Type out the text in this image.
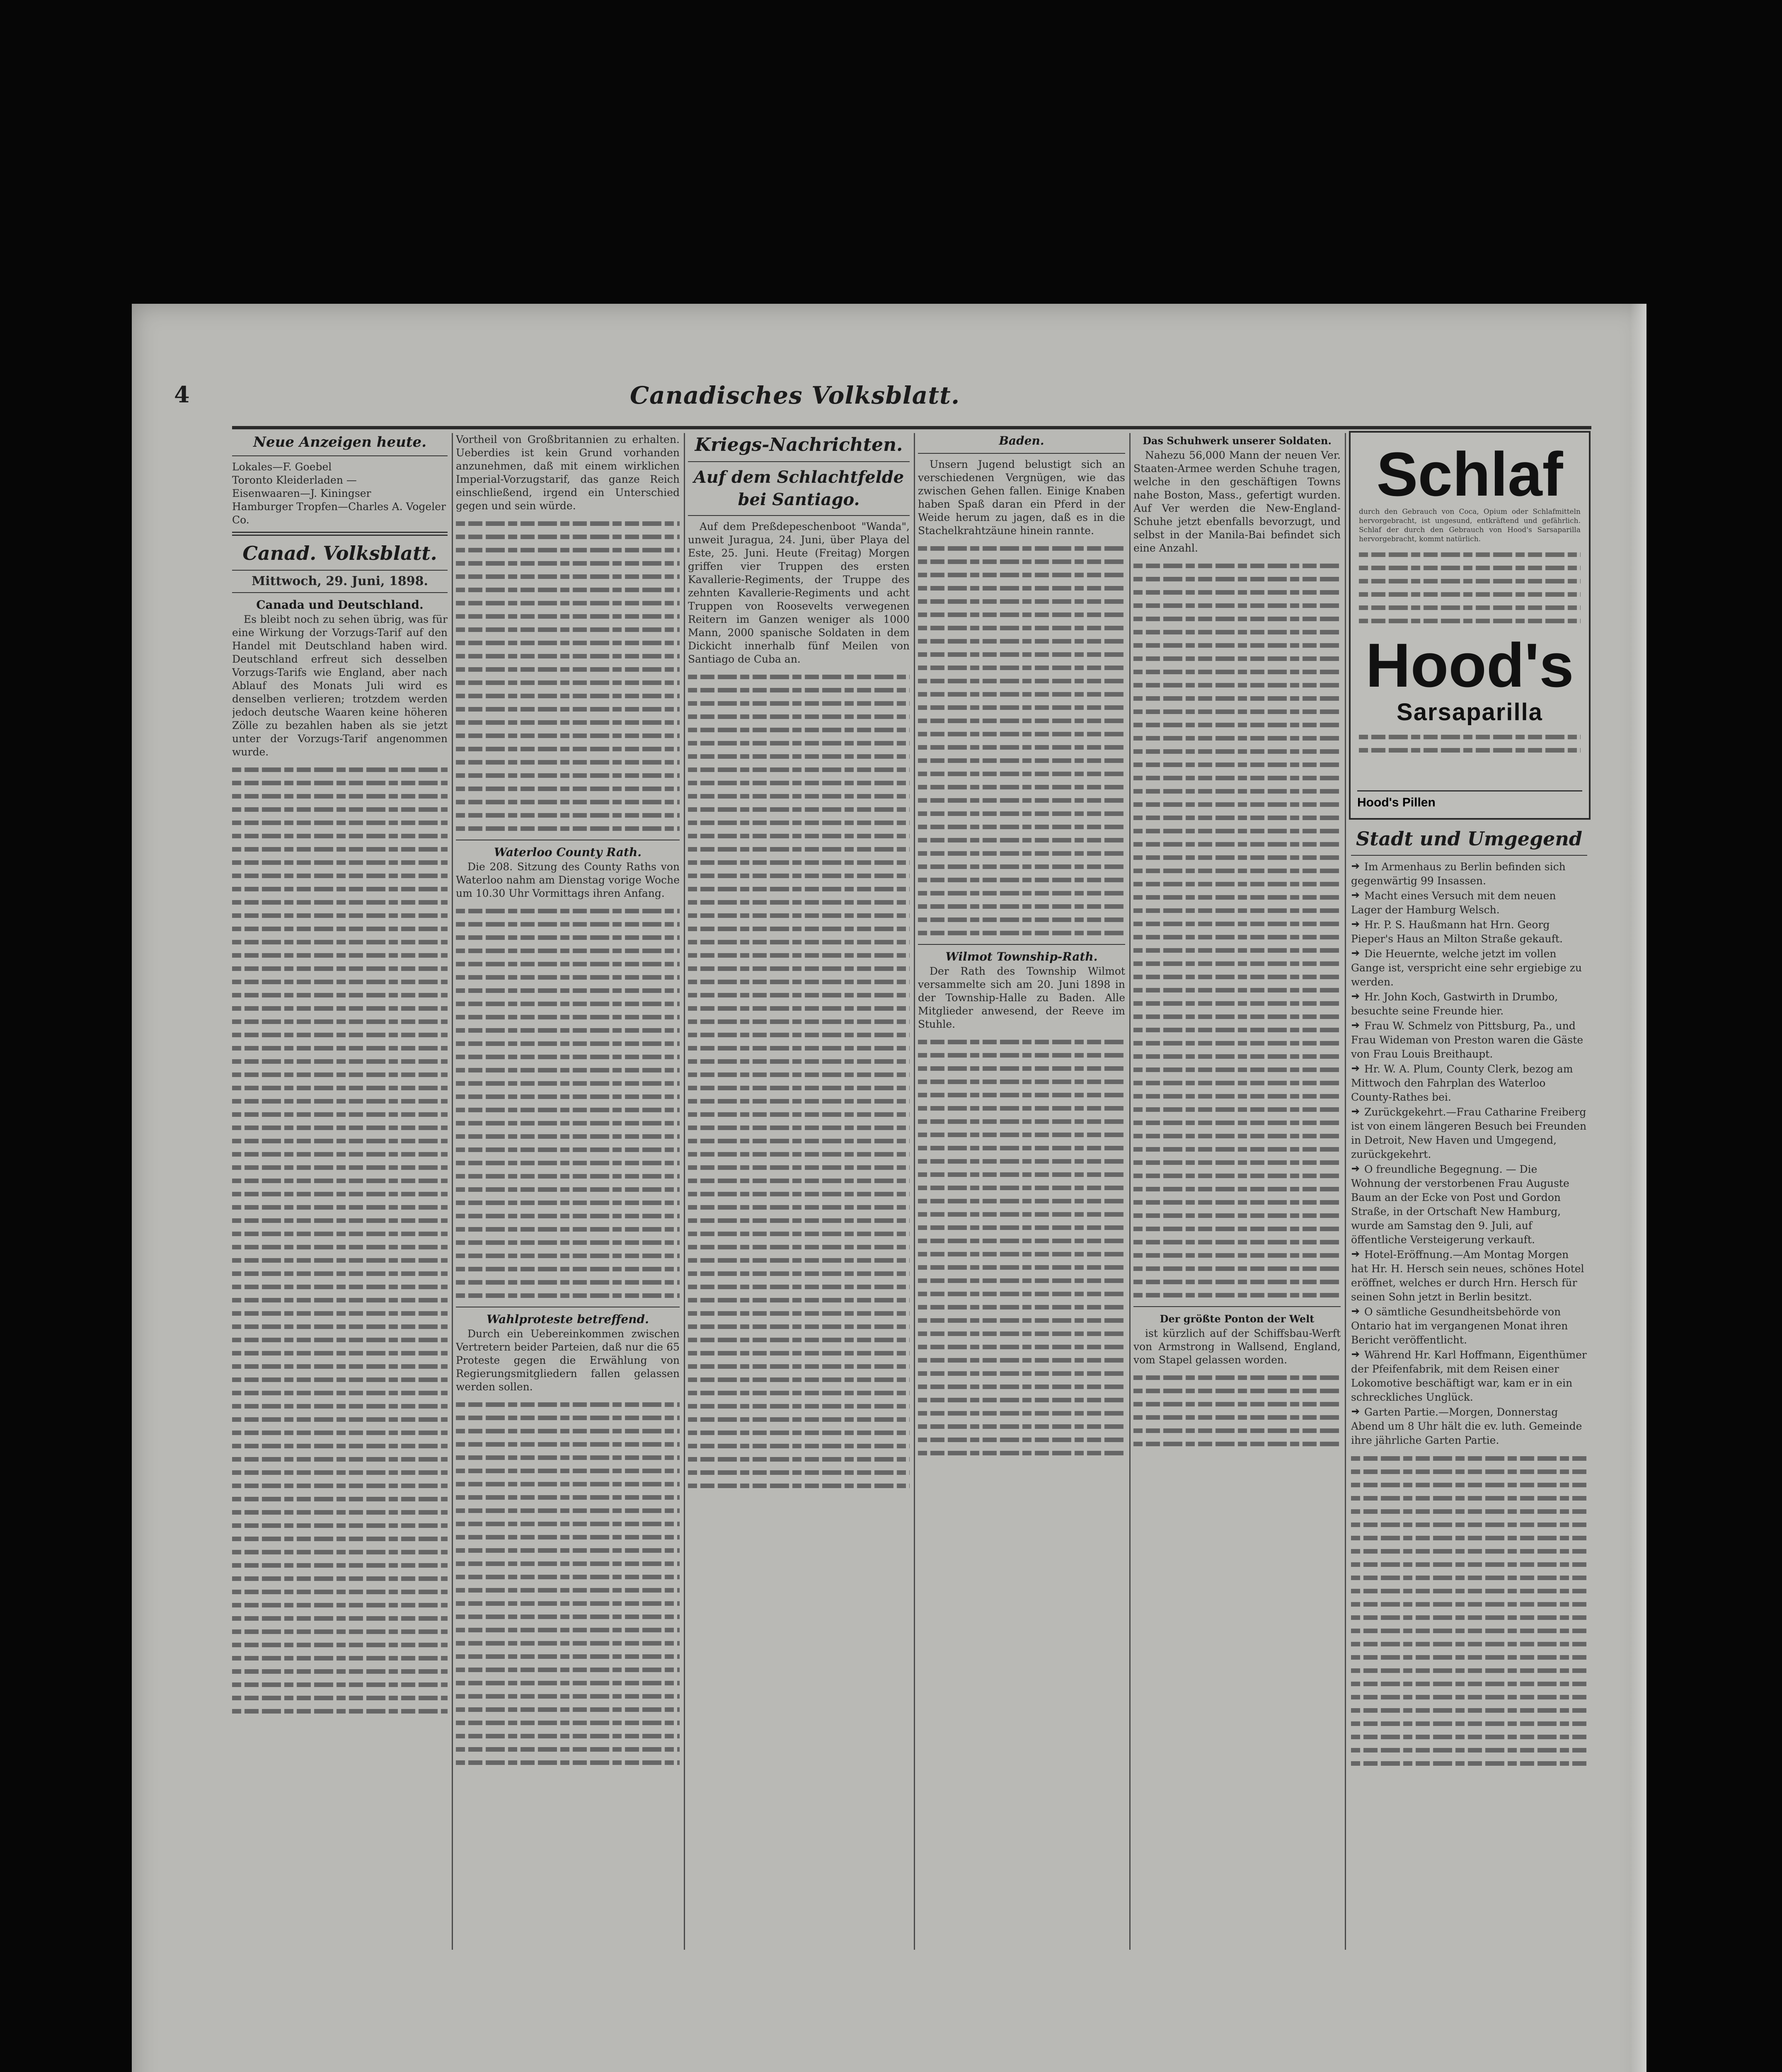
4	Canadisches Volksblatt.
Neue Anzeigen heute.
Lokales—F. Goebel
Toronto Kleiderladen —
Eisenwaaren—J. Kiningser
Hamburger Tropfen—Charles A. Vogeler Co.
Canad. Volksblatt.
Mittwoch, 29. Juni, 1898.
Canada und Deutschland.

Es bleibt noch zu sehen übrig, was für eine Wirkung der Vorzugs-Tarif auf den Handel mit Deutschland haben wird. Deutschland erfreut sich desselben Vorzugs-Tarifs wie England, aber nach Ablauf des Monats Juli wird es denselben verlieren; trotzdem werden jedoch deutsche Waaren keine höheren Zölle zu bezahlen haben als sie jetzt unter der Vorzugs-Tarif angenommen wurde.

Vortheil von Großbritannien zu erhalten. Ueberdies ist kein Grund vorhanden anzunehmen, daß mit einem wirklichen Imperial-Vorzugstarif, das ganze Reich einschließend, irgend ein Unterschied gegen und sein würde.

Waterloo County Rath.

Die 208. Sitzung des County Raths von Waterloo nahm am Dienstag vorige Woche um 10.30 Uhr Vormittags ihren Anfang.

Wahlproteste betreffend.

Durch ein Uebereinkommen zwischen Vertretern beider Parteien, daß nur die 65 Proteste gegen die Erwählung von Regierungsmitgliedern fallen gelassen werden sollen.

Kriegs-Nachrichten.
Auf dem Schlachtfelde bei Santiago.

Auf dem Preßdepeschenboot "Wanda", unweit Juragua, 24. Juni, über Playa del Este, 25. Juni. Heute (Freitag) Morgen griffen vier Truppen des ersten Kavallerie-Regiments, der Truppe des zehnten Kavallerie-Regiments und acht Truppen von Roosevelts verwegenen Reitern im Ganzen weniger als 1000 Mann, 2000 spanische Soldaten in dem Dickicht innerhalb fünf Meilen von Santiago de Cuba an.

Baden.

Unsern Jugend belustigt sich an verschiedenen Vergnügen, wie das zwischen Gehen fallen. Einige Knaben haben Spaß daran ein Pferd in der Weide herum zu jagen, daß es in die Stachelkrahtzäune hinein rannte.

Wilmot Township-Rath.

Der Rath des Township Wilmot versammelte sich am 20. Juni 1898 in der Township-Halle zu Baden. Alle Mitglieder anwesend, der Reeve im Stuhle.

Das Schuhwerk unserer Soldaten.

Nahezu 56,000 Mann der neuen Ver. Staaten-Armee werden Schuhe tragen, welche in den geschäftigen Towns nahe Boston, Mass., gefertigt wurden. Auf Ver werden die New-England-Schuhe jetzt ebenfalls bevorzugt, und selbst in der Manila-Bai befindet sich eine Anzahl.

Der größte Ponton der Welt

ist kürzlich auf der Schiffsbau-Werft von Armstrong in Wallsend, England, vom Stapel gelassen worden.

Schlaf
durch den Gebrauch von Coca, Opium oder Schlafmitteln hervorgebracht, ist ungesund, entkräftend und gefährlich. Schlaf der durch den Gebrauch von Hood's Sarsaparilla hervorgebracht, kommt natürlich.
Hood's
Sarsaparilla
Hood's Pillen
Stadt und Umgegend
Im Armenhaus zu Berlin befinden sich gegenwärtig 99 Insassen.
Macht eines Versuch mit dem neuen Lager der Hamburg Welsch.
Hr. P. S. Haußmann hat Hrn. Georg Pieper's Haus an Milton Straße gekauft.
Die Heuernte, welche jetzt im vollen Gange ist, verspricht eine sehr ergiebige zu werden.
Hr. John Koch, Gastwirth in Drumbo, besuchte seine Freunde hier.
Frau W. Schmelz von Pittsburg, Pa., und Frau Wideman von Preston waren die Gäste von Frau Louis Breithaupt.
Hr. W. A. Plum, County Clerk, bezog am Mittwoch den Fahrplan des Waterloo County-Rathes bei.
Zurückgekehrt.—Frau Catharine Freiberg ist von einem längeren Besuch bei Freunden in Detroit, New Haven und Umgegend, zurückgekehrt.
O freundliche Begegnung. — Die Wohnung der verstorbenen Frau Auguste Baum an der Ecke von Post und Gordon Straße, in der Ortschaft New Hamburg, wurde am Samstag den 9. Juli, auf öffentliche Versteigerung verkauft.
Hotel-Eröffnung.—Am Montag Morgen hat Hr. H. Hersch sein neues, schönes Hotel eröffnet, welches er durch Hrn. Hersch für seinen Sohn jetzt in Berlin besitzt.
O sämtliche Gesundheitsbehörde von Ontario hat im vergangenen Monat ihren Bericht veröffentlicht.
Während Hr. Karl Hoffmann, Eigenthümer der Pfeifenfabrik, mit dem Reisen einer Lokomotive beschäftigt war, kam er in ein schreckliches Unglück.
Garten Partie.—Morgen, Donnerstag Abend um 8 Uhr hält die ev. luth. Gemeinde ihre jährliche Garten Partie.
